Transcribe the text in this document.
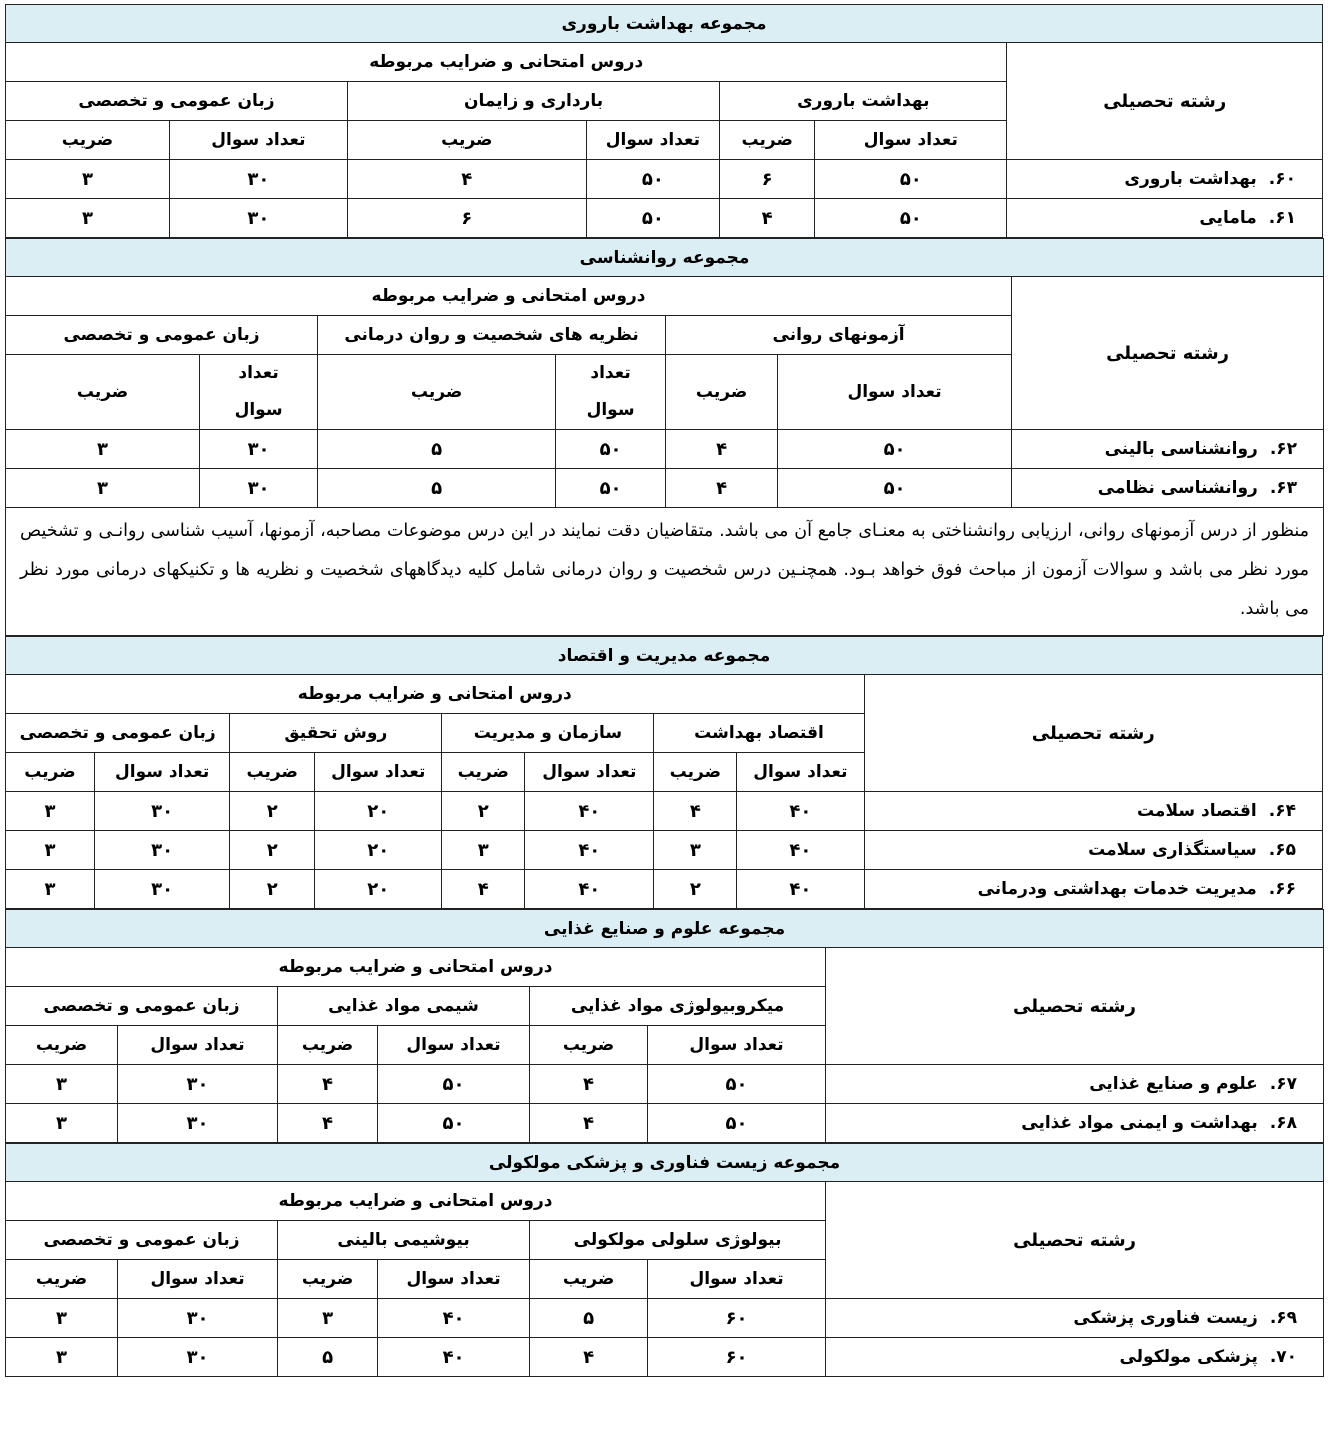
مجموعه بهداشت باروری						
رشته تحصیلی	دروس امتحانی و ضرایب مربوطه					
	بهداشت باروری		بارداری و زایمان		زبان عمومی و تخصصی	
	تعداد سوال	ضریب	تعداد سوال	ضریب	تعداد سوال	ضریب
۶۰.بهداشت باروری	۵۰	۶	۵۰	۴	۳۰	۳
۶۱.مامایی	۵۰	۴	۵۰	۶	۳۰	۳
مجموعه روانشناسی						
رشته تحصیلی	دروس امتحانی و ضرایب مربوطه					
	آزمونهای روانی		نظریه های شخصیت و روان درمانی		زبان عمومی و تخصصی	
	تعداد سوال	ضریب	تعداد سوال	ضریب	تعداد سوال	ضریب
۶۲.روانشناسی بالینی	۵۰	۴	۵۰	۵	۳۰	۳
۶۳.روانشناسی نظامی	۵۰	۴	۵۰	۵	۳۰	۳
منظور از درس آزمونهای روانی، ارزیابی روانشناختی به معنـای جامع آن می باشد. متقاضیان دقت نمایند در این درس موضوعات مصاحبه، آزمونها، آسیب شناسی روانـی و تشخیص مورد نظر می باشد و سوالات آزمون از مباحث فوق خواهد بـود. همچنـین درس شخصیت و روان درمانی شامل کلیه دیدگاههای شخصیت و نظریه ها و تکنیکهای درمانی مورد نظر می باشد.						
مجموعه مدیریت و اقتصاد								
رشته تحصیلی	دروس امتحانی و ضرایب مربوطه							
	اقتصاد بهداشت		سازمان و مدیریت		روش تحقیق		زبان عمومی و تخصصی	
	تعداد سوال	ضریب	تعداد سوال	ضریب	تعداد سوال	ضریب	تعداد سوال	ضریب
۶۴.اقتصاد سلامت	۴۰	۴	۴۰	۲	۲۰	۲	۳۰	۳
۶۵.سیاستگذاری سلامت	۴۰	۳	۴۰	۳	۲۰	۲	۳۰	۳
۶۶.مدیریت خدمات بهداشتی ودرمانی	۴۰	۲	۴۰	۴	۲۰	۲	۳۰	۳
مجموعه علوم و صنایع غذایی						
رشته تحصیلی	دروس امتحانی و ضرایب مربوطه					
	میکروبیولوژی مواد غذایی		شیمی مواد غذایی		زبان عمومی و تخصصی	
	تعداد سوال	ضریب	تعداد سوال	ضریب	تعداد سوال	ضریب
۶۷.علوم و صنایع غذایی	۵۰	۴	۵۰	۴	۳۰	۳
۶۸.بهداشت و ایمنی مواد غذایی	۵۰	۴	۵۰	۴	۳۰	۳
مجموعه زیست فناوری و پزشکی مولکولی						
رشته تحصیلی	دروس امتحانی و ضرایب مربوطه					
	بیولوژی سلولی مولکولی		بیوشیمی بالینی		زبان عمومی و تخصصی	
	تعداد سوال	ضریب	تعداد سوال	ضریب	تعداد سوال	ضریب
۶۹.زیست فناوری پزشکی	۶۰	۵	۴۰	۳	۳۰	۳
۷۰.پزشکی مولکولی	۶۰	۴	۴۰	۵	۳۰	۳
